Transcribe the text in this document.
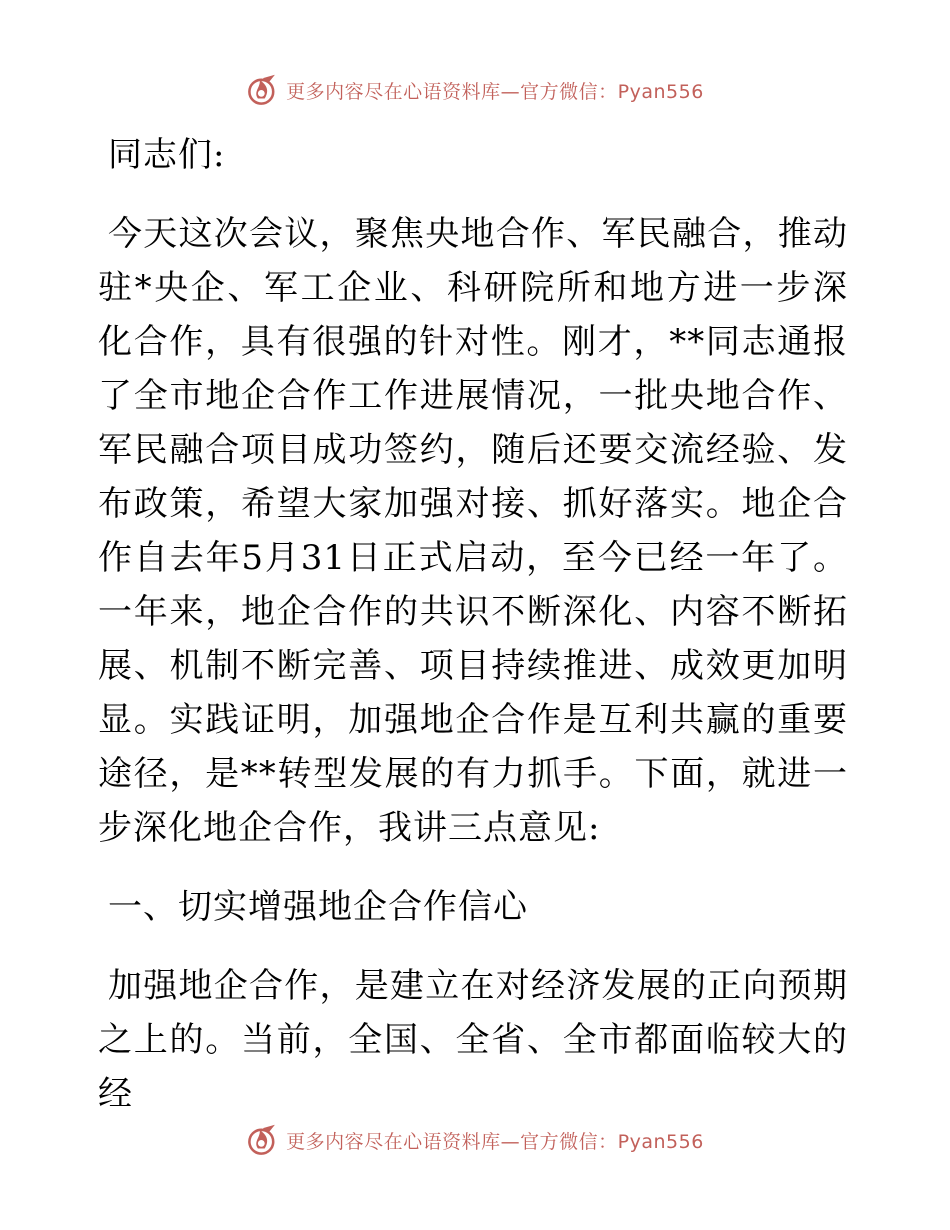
更多内容尽在心语资料库—官方微信：Pyan556

同志们:

今天这次会议，聚焦央地合作、军民融合，推动驻*央企、军工企业、科研院所和地方进一步深化合作，具有很强的针对性。刚才，**同志通报了全市地企合作工作进展情况，一批央地合作、军民融合项目成功签约，随后还要交流经验、发布政策，希望大家加强对接、抓好落实。地企合作自去年5月31日正式启动，至今已经一年了。一年来，地企合作的共识不断深化、内容不断拓展、机制不断完善、项目持续推进、成效更加明显。实践证明，加强地企合作是互利共赢的重要途径，是**转型发展的有力抓手。下面，就进一步深化地企合作，我讲三点意见:

一、切实增强地企合作信心

加强地企合作，是建立在对经济发展的正向预期之上的。当前，全国、全省、全市都面临较大的经

更多内容尽在心语资料库—官方微信：Pyan556
